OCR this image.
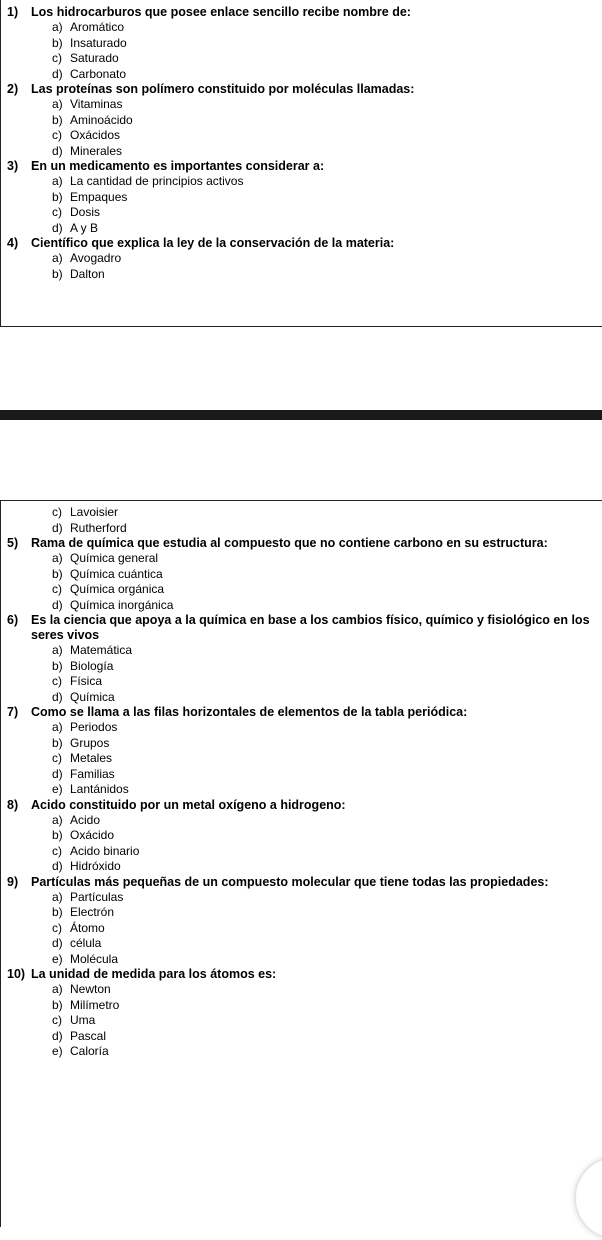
1) Los hidrocarburos que posee enlace sencillo recibe nombre de:
a) Aromático
b) Insaturado
c) Saturado
d) Carbonato
2) Las proteínas son polímero constituido por moléculas llamadas:
a) Vitaminas
b) Aminoácido
c) Oxácidos
d) Minerales
3) En un medicamento es importantes considerar a:
a) La cantidad de principios activos
b) Empaques
c) Dosis
d) A y B
4) Científico que explica la ley de la conservación de la materia:
a) Avogadro
b) Dalton
c) Lavoisier
d) Rutherford
5) Rama de química que estudia al compuesto que no contiene carbono en su estructura:
a) Química general
b) Química cuántica
c) Química orgánica
d) Química inorgánica
6) Es la ciencia que apoya a la química en base a los cambios físico, químico y fisiológico en los seres vivos
a) Matemática
b) Biología
c) Física
d) Química
7) Como se llama a las filas horizontales de elementos de la tabla periódica:
a) Periodos
b) Grupos
c) Metales
d) Familias
e) Lantánidos
8) Acido constituido por un metal oxígeno a hidrogeno:
a) Acido
b) Oxácido
c) Acido binario
d) Hidróxido
9) Partículas más pequeñas de un compuesto molecular que tiene todas las propiedades:
a) Partículas
b) Electrón
c) Átomo
d) célula
e) Molécula
10) La unidad de medida para los átomos es:
a) Newton
b) Milímetro
c) Uma
d) Pascal
e) Caloría
